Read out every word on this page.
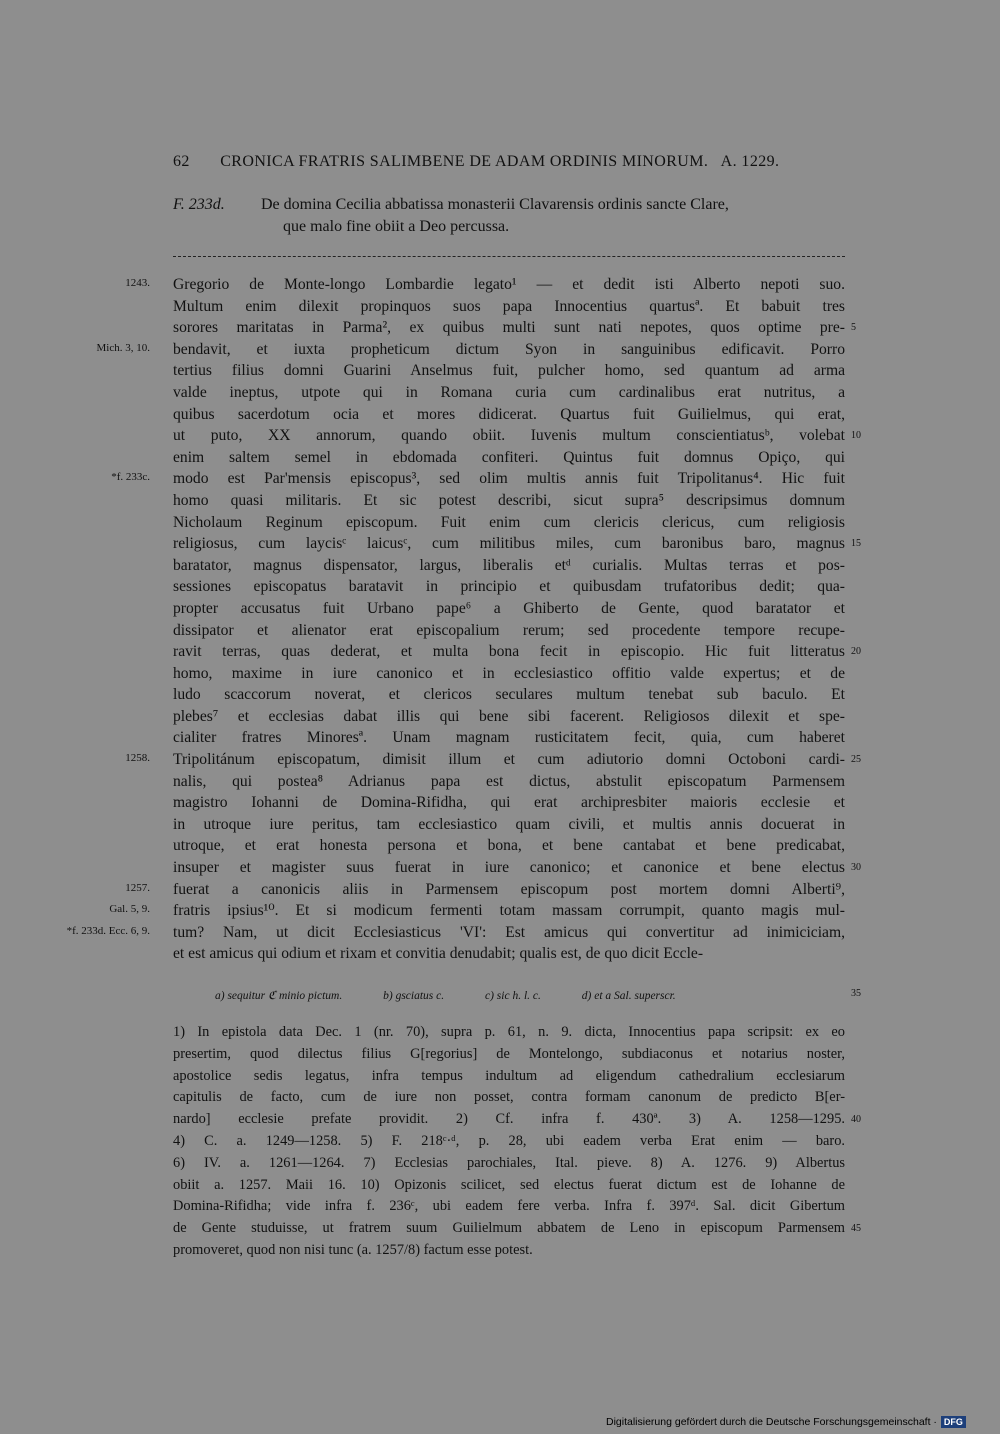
62 CRONICA FRATRIS SALIMBENE DE ADAM ORDINIS MINORUM. A. 1229.
F. 233d. De domina Cecilia abbatissa monasterii Clavarensis ordinis sancte Clare,
que malo fine obiit a Deo percussa.
Gregorio de Monte-longo Lombardie legato¹ — et dedit isti Alberto nepoti suo.
Multum enim dilexit propinquos suos papa Innocentius quartusª. Et babuit tres
sorores maritatas in Parma², ex quibus multi sunt nati nepotes, quos optime pre-
bendavit, et iuxta propheticum dictum Syon in sanguinibus edificavit. Porro
tertius filius domni Guarini Anselmus fuit, pulcher homo, sed quantum ad arma
valde ineptus, utpote qui in Romana curia cum cardinalibus erat nutritus, a
quibus sacerdotum ocia et mores didicerat. Quartus fuit Guilielmus, qui erat,
ut puto, XX annorum, quando obiit. Iuvenis multum conscientiatusᵇ, volebat
enim saltem semel in ebdomada confiteri. Quintus fuit domnus Opiço, qui
modo est Par'mensis episcopus³, sed olim multis annis fuit Tripolitanus⁴. Hic fuit
homo quasi militaris. Et sic potest describi, sicut supra⁵ descripsimus domnum
Nicholaum Reginum episcopum. Fuit enim cum clericis clericus, cum religiosis
religiosus, cum laycisᶜ laicusᶜ, cum militibus miles, cum baronibus baro, magnus
baratator, magnus dispensator, largus, liberalis etᵈ curialis. Multas terras et pos-
sessiones episcopatus baratavit in principio et quibusdam trufatoribus dedit; qua-
propter accusatus fuit Urbano pape⁶ a Ghiberto de Gente, quod baratator et
dissipator et alienator erat episcopalium rerum; sed procedente tempore recupe-
ravit terras, quas dederat, et multa bona fecit in episcopio. Hic fuit litteratus
homo, maxime in iure canonico et in ecclesiastico offitio valde expertus; et de
ludo scaccorum noverat, et clericos seculares multum tenebat sub baculo. Et
plebes⁷ et ecclesias dabat illis qui bene sibi facerent. Religiosos dilexit et spe-
cialiter fratres Minoresª. Unam magnam rusticitatem fecit, quia, cum haberet
Tripolitánum episcopatum, dimisit illum et cum adiutorio domni Octoboni cardi-
nalis, qui postea⁸ Adrianus papa est dictus, abstulit episcopatum Parmensem
magistro Iohanni de Domina-Rifidha, qui erat archipresbiter maioris ecclesie et
in utroque iure peritus, tam ecclesiastico quam civili, et multis annis docuerat in
utroque, et erat honesta persona et bona, et bene cantabat et bene predicabat,
insuper et magister suus fuerat in iure canonico; et canonice et bene electus
fuerat a canonicis aliis in Parmensem episcopum post mortem domni Alberti⁹,
fratris ipsius¹⁰. Et si modicum fermenti totam massam corrumpit, quanto magis mul-
tum? Nam, ut dicit Ecclesiasticus 'VI': Est amicus qui convertitur ad inimiciciam,
et est amicus qui odium et rixam et convitia denudabit; qualis est, de quo dicit Eccle-
1243.
Mich. 3, 10.
*f. 233c.
1258.
1257.
Gal. 5, 9.
*f. 233d. Ecc. 6, 9.
5
10
15
20
25
30
a) sequitur ℭ minio pictum.	b) gsciatus c.	c) sic h. l. c.	d) et a Sal. superscr.	35
1) In epistola data Dec. 1 (nr. 70), supra p. 61, n. 9. dicta, Innocentius papa scripsit: ex eo
presertim, quod dilectus filius G[regorius] de Montelongo, subdiaconus et notarius noster,
apostolice sedis legatus, infra tempus indultum ad eligendum cathedralium ecclesiarum
capitulis de facto, cum de iure non posset, contra formam canonum de predicto B[er-
nardo] ecclesie prefate providit. 2) Cf. infra f. 430ª. 3) A. 1258—1295.
4) C. a. 1249—1258. 5) F. 218ᶜ·ᵈ, p. 28, ubi eadem verba Erat enim — baro.
6) IV. a. 1261—1264. 7) Ecclesias parochiales, Ital. pieve. 8) A. 1276. 9) Albertus
obiit a. 1257. Maii 16. 10) Opizonis scilicet, sed electus fuerat dictum est de Iohanne de
Domina-Rifidha; vide infra f. 236ᶜ, ubi eadem fere verba. Infra f. 397ᵈ. Sal. dicit Gibertum
de Gente studuisse, ut fratrem suum Guilielmum abbatem de Leno in episcopum Parmensem
promoveret, quod non nisi tunc (a. 1257/8) factum esse potest.
40
45
Digitalisierung gefördert durch die Deutsche Forschungsgemeinschaft · DFG
